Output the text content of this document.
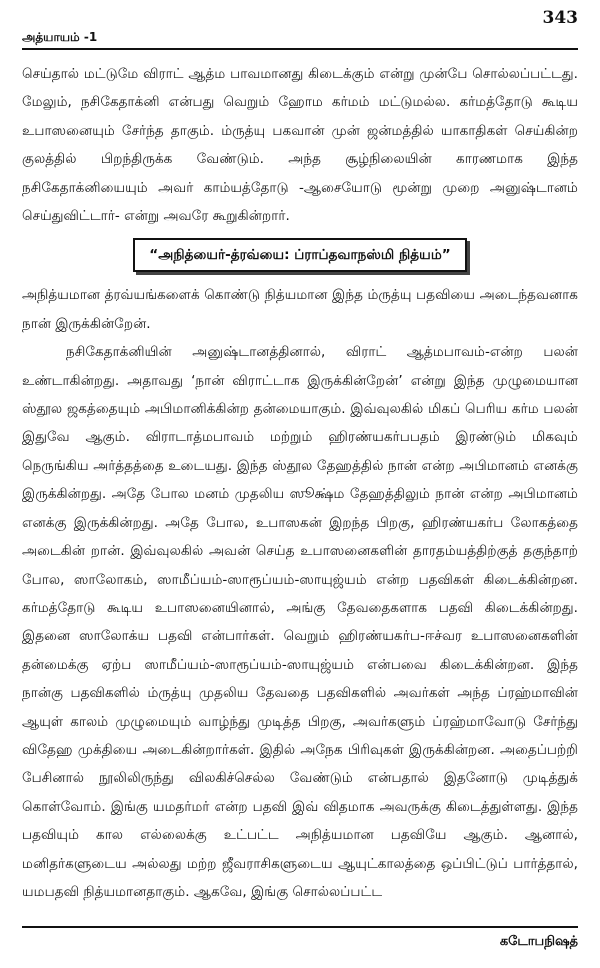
அத்யாயம் -1
343

செய்தால் மட்டுமே விராட் ஆத்ம பாவமானது கிடைக்கும் என்று முன்பே சொல்லப்பட்டது. மேலும், நசிகேதாக்னி என்பது வெறும் ஹோம கர்மம் மட்டுமல்ல. கர்மத்தோடு கூடிய உபாஸனையும் சேர்ந்த தாகும். ம்ருத்யு பகவான் முன் ஜன்மத்தில் யாகாதிகள் செய்கின்ற குலத்தில் பிறந்திருக்க வேண்டும். அந்த சூழ்நிலையின் காரணமாக இந்த நசிகேதாக்னியையும் அவர் காம்யத்தோடு -ஆசையோடு மூன்று முறை அனுஷ்டானம் செய்துவிட்டார்- என்று அவரே கூறுகின்றார்.

“அநித்யைர்-த்ரவ்யை: ப்ராப்தவாநஸ்மி நித்யம்”

அநித்யமான த்ரவ்யங்களைக் கொண்டு நித்யமான இந்த ம்ருத்யு பதவியை அடைந்தவனாக நான் இருக்கின்றேன்.

நசிகேதாக்னியின் அனுஷ்டானத்தினால், விராட் ஆத்மபாவம்-என்ற பலன் உண்டாகின்றது. அதாவது ‘நான் விராட்டாக இருக்கின்றேன்’ என்று இந்த முழுமையான ஸ்தூல ஜகத்தையும் அபிமானிக்கின்ற தன்மையாகும். இவ்வுலகில் மிகப் பெரிய கர்ம பலன் இதுவே ஆகும். விராடாத்மபாவம் மற்றும் ஹிரண்யகர்பபதம் இரண்டும் மிகவும் நெருங்கிய அர்த்தத்தை உடையது. இந்த ஸ்தூல தேஹத்தில் நான் என்ற அபிமானம் எனக்கு இருக்கின்றது. அதே போல மனம் முதலிய ஸூக்ஷ்ம தேஹத்திலும் நான் என்ற அபிமானம் எனக்கு இருக்கின்றது. அதே போல, உபாஸகன் இறந்த பிறகு, ஹிரண்யகர்ப லோகத்தை அடைகின் றான். இவ்வுலகில் அவன் செய்த உபாஸனைகளின் தாரதம்யத்திற்குத் தகுந்தாற் போல, ஸாலோகம், ஸாமீப்யம்-ஸாரூப்யம்-ஸாயுஜ்யம் என்ற பதவிகள் கிடைக்கின்றன. கர்மத்தோடு கூடிய உபாஸனையினால், அங்கு தேவதைகளாக பதவி கிடைக்கின்றது. இதனை ஸாலோக்ய பதவி என்பார்கள். வெறும் ஹிரண்யகர்ப-ஈச்வர உபாஸனைகளின் தன்மைக்கு ஏற்ப ஸாமீப்யம்-ஸாரூப்யம்-ஸாயுஜ்யம் என்பவை கிடைக்கின்றன. இந்த நான்கு பதவிகளில் ம்ருத்யு முதலிய தேவதை பதவிகளில் அவர்கள் அந்த ப்ரஹ்மாவின் ஆயுள் காலம் முழுமையும் வாழ்ந்து முடித்த பிறகு, அவர்களும் ப்ரஹ்மாவோடு சேர்ந்து விதேஹ முக்தியை அடைகின்றார்கள். இதில் அநேக பிரிவுகள் இருக்கின்றன. அதைப்பற்றி பேசினால் நூலிலிருந்து விலகிச்செல்ல வேண்டும் என்பதால் இதனோடு முடித்துக் கொள்வோம். இங்கு யமதர்மர் என்ற பதவி இவ் விதமாக அவருக்கு கிடைத்துள்ளது. இந்த பதவியும் கால எல்லைக்கு உட்பட்ட அநித்யமான பதவியே ஆகும். ஆனால், மனிதர்களுடைய அல்லது மற்ற ஜீவராசிகளுடைய ஆயுட்காலத்தை ஒப்பிட்டுப் பார்த்தால், யமபதவி நித்யமானதாகும். ஆகவே, இங்கு சொல்லப்பட்ட

கடோபநிஷத்
